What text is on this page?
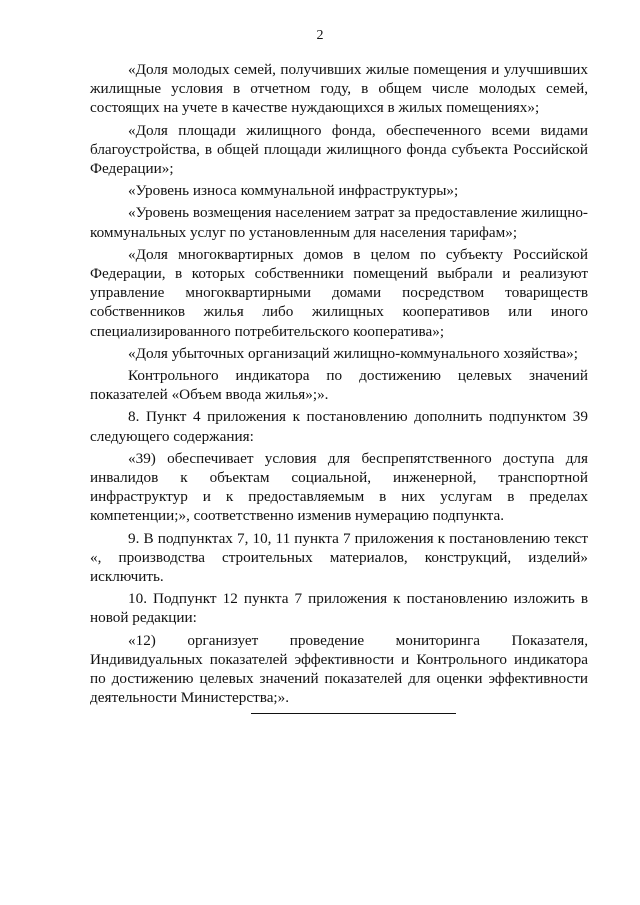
2

«Доля молодых семей, получивших жилые помещения и улучшивших жилищные условия в отчетном году, в общем числе молодых семей, состоящих на учете в качестве нуждающихся в жилых помещениях»;

«Доля площади жилищного фонда, обеспеченного всеми видами благоустройства, в общей площади жилищного фонда субъекта Российской Федерации»;

«Уровень износа коммунальной инфраструктуры»;

«Уровень возмещения населением затрат за предоставление жилищно-коммунальных услуг по установленным для населения тарифам»;

«Доля многоквартирных домов в целом по субъекту Российской Федерации, в которых собственники помещений выбрали и реализуют управление многоквартирными домами посредством товариществ собственников жилья либо жилищных кооперативов или иного специализированного потребительского кооператива»;

«Доля убыточных организаций жилищно-коммунального хозяйства»;

Контрольного индикатора по достижению целевых значений показателей «Объем ввода жилья»;».

8. Пункт 4 приложения к постановлению дополнить подпунктом 39 следующего содержания:

«39) обеспечивает условия для беспрепятственного доступа для инвалидов к объектам социальной, инженерной, транспортной инфраструктур и к предоставляемым в них услугам в пределах компетенции;», соответственно изменив нумерацию подпункта.

9. В подпунктах 7, 10, 11 пункта 7 приложения к постановлению текст «, производства строительных материалов, конструкций, изделий» исключить.

10. Подпункт 12 пункта 7 приложения к постановлению изложить в новой редакции:

«12) организует проведение мониторинга Показателя, Индивидуальных показателей эффективности и Контрольного индикатора по достижению целевых значений показателей для оценки эффективности деятельности Министерства;».
